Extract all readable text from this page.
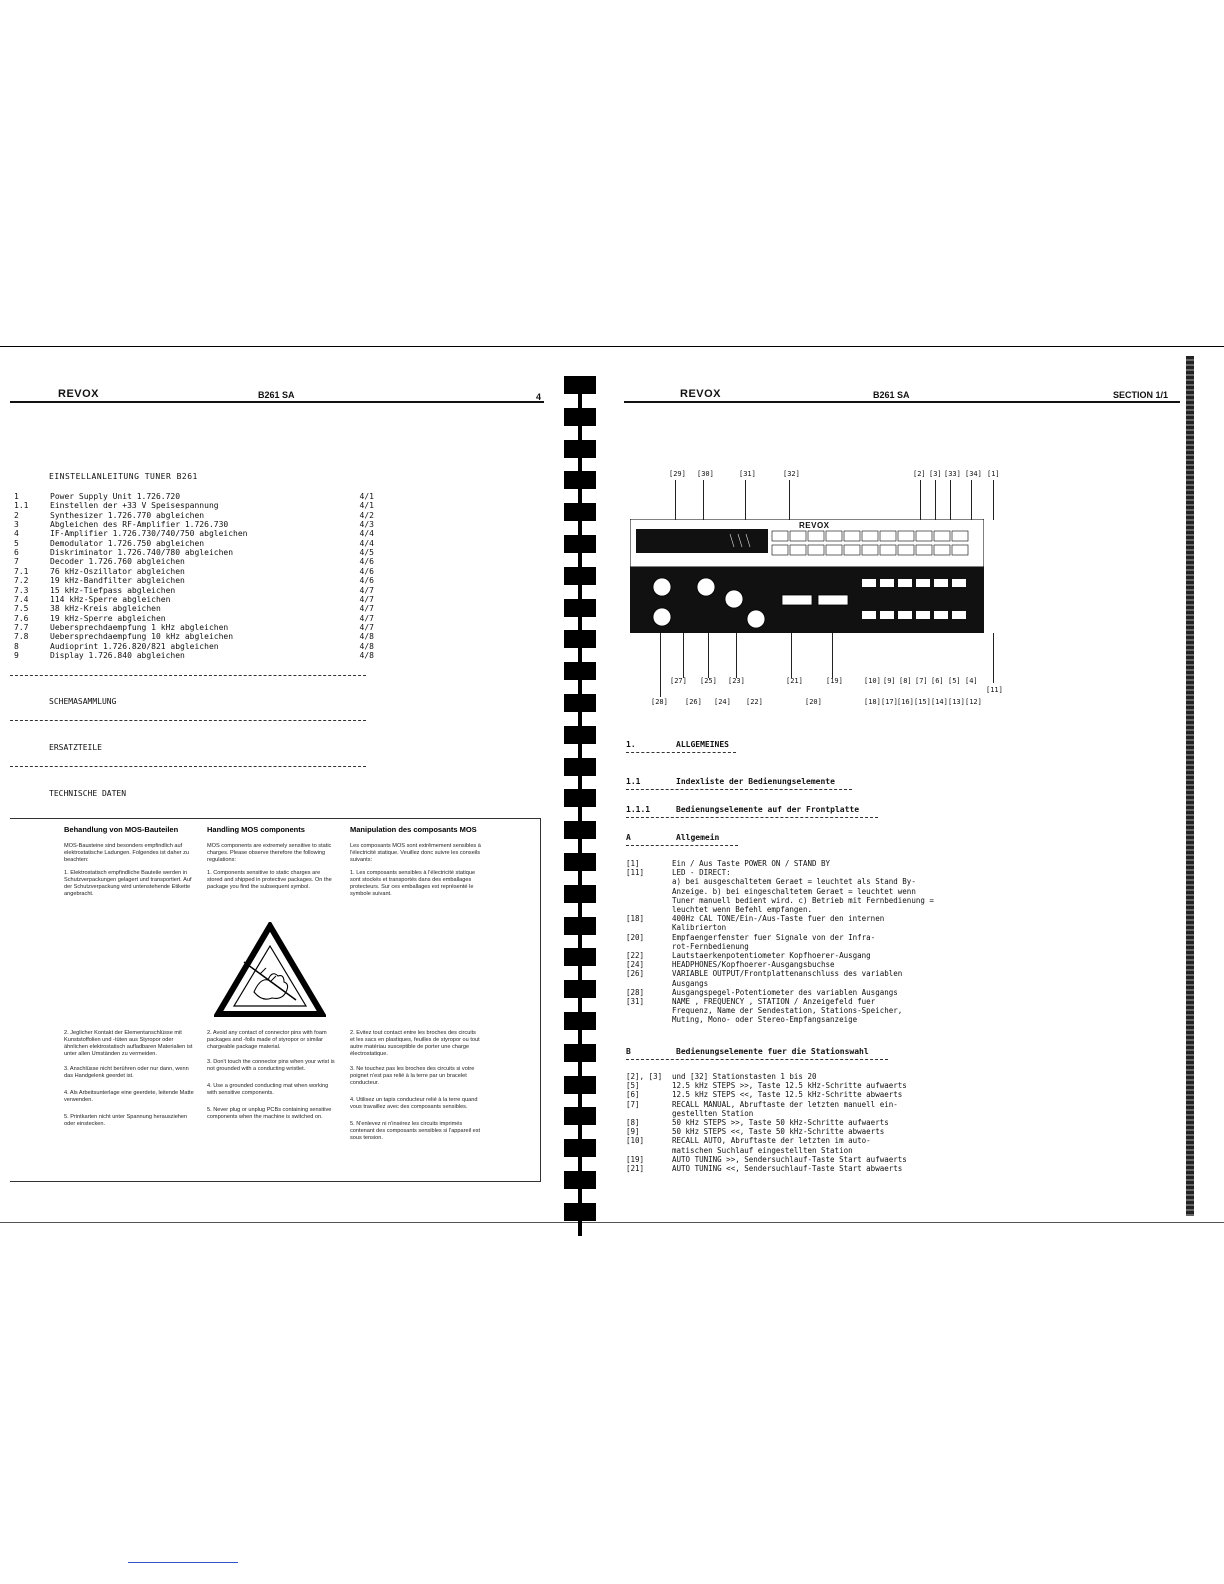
REVOX	B261 SA	4
EINSTELLANLEITUNG TUNER B261
1	Power Supply Unit 1.726.720	4/1
1.1	Einstellen der +33 V Speisespannung	4/1
2	Synthesizer 1.726.770 abgleichen	4/2
3	Abgleichen des RF-Amplifier 1.726.730	4/3
4	IF-Amplifier 1.726.730/740/750 abgleichen	4/4
5	Demodulator 1.726.750 abgleichen	4/4
6	Diskriminator 1.726.740/780 abgleichen	4/5
7	Decoder 1.726.760 abgleichen	4/6
7.1	76 kHz-Oszillator abgleichen	4/6
7.2	19 kHz-Bandfilter abgleichen	4/6
7.3	15 kHz-Tiefpass abgleichen	4/7
7.4	114 kHz-Sperre abgleichen	4/7
7.5	38 kHz-Kreis abgleichen	4/7
7.6	19 kHz-Sperre abgleichen	4/7
7.7	Uebersprechdaempfung 1 kHz abgleichen	4/7
7.8	Uebersprechdaempfung 10 kHz abgleichen	4/8
8	Audioprint 1.726.820/821 abgleichen	4/8
9	Display 1.726.840 abgleichen	4/8
SCHEMASAMMLUNG
ERSATZTEILE
TECHNISCHE DATEN
Behandlung von MOS-Bauteilen

MOS-Bausteine sind besonders empfindlich auf elektrostatische Ladungen. Folgendes ist daher zu beachten:

1. Elektrostatisch empfindliche Bauteile werden in Schutzverpackungen gelagert und transportiert. Auf der Schutzverpackung wird untenstehende Etikette angebracht.

Handling MOS components

MOS components are extremely sensitive to static charges. Please observe therefore the following regulations:

1. Components sensitive to static charges are stored and shipped in protective packages. On the package you find the subsequent symbol.

Manipulation des composants MOS

Les composants MOS sont extrêmement sensibles à l'électricité statique. Veuillez donc suivre les conseils suivants:

1. Les composants sensibles à l'électricité statique sont stockés et transportés dans des emballages protecteurs. Sur ces emballages est représenté le symbole suivant.

2. Jeglicher Kontakt der Elementanschlüsse mit Kunststoffolien und -tüten aus Styropor oder ähnlichen elektrostatisch aufladbaren Materialien ist unter allen Umständen zu vermeiden.

3. Anschlüsse nicht berühren oder nur dann, wenn das Handgelenk geerdet ist.

4. Als Arbeitsunterlage eine geerdete, leitende Matte verwenden.

5. Printkarten nicht unter Spannung herausziehen oder einstecken.

2. Avoid any contact of connector pins with foam packages and -foils made of styropor or similar chargeable package material.

3. Don't touch the connector pins when your wrist is not grounded with a conducting wristlet.

4. Use a grounded conducting mat when working with sensitive components.

5. Never plug or unplug PCBs containing sensitive components when the machine is switched on.

2. Evitez tout contact entre les broches des circuits et les sacs en plastiques, feuilles de styropor ou tout autre matériau susceptible de porter une charge électrostatique.

3. Ne touchez pas les broches des circuits si votre poignet n'est pas relié à la terre par un bracelet conducteur.

4. Utilisez un tapis conducteur relié à la terre quand vous travaillez avec des composants sensibles.

5. N'enlevez ni n'insérez les circuits imprimés contenant des composants sensibles si l'appareil est sous tension.

REVOX	B261 SA	SECTION 1/1
[29] [30]	[31]	[32]	[2] [3] [33] [34] [1]
REVOX
[27] [25] [23]	[21]	[19]	[10] [9] [8] [7] [6] [5] [4]
[11]
[28] [26] [24] [22]	[20]	[18] [17] [16] [15] [14] [13] [12]
1.	ALLGEMEINES
1.1	Indexliste der Bedienungselemente
1.1.1	Bedienungselemente auf der Frontplatte
A	Allgemein
[1]	Ein / Aus Taste POWER ON / STAND BY
[11]	LED - DIRECT:
a) bei ausgeschaltetem Geraet = leuchtet als Stand By-
Anzeige. b) bei eingeschaltetem Geraet = leuchtet wenn
Tuner manuell bedient wird. c) Betrieb mit Fernbedienung =
leuchtet wenn Befehl empfangen.
[18]	400Hz CAL TONE/Ein-/Aus-Taste fuer den internen
Kalibrierton
[20]	Empfaengerfenster fuer Signale von der Infra-
rot-Fernbedienung
[22]	Lautstaerkenpotentiometer Kopfhoerer-Ausgang
[24]	HEADPHONES/Kopfhoerer-Ausgangsbuchse
[26]	VARIABLE OUTPUT/Frontplattenanschluss des variablen
Ausgangs
[28]	Ausgangspegel-Potentiometer des variablen Ausgangs
[31]	NAME , FREQUENCY , STATION / Anzeigefeld fuer
Frequenz, Name der Sendestation, Stations-Speicher,
Muting, Mono- oder Stereo-Empfangsanzeige
B	Bedienungselemente fuer die Stationswahl
[2], [3] und [32] Stationstasten 1 bis 20
[5]	12.5 kHz STEPS >>, Taste 12.5 kHz-Schritte aufwaerts
[6]	12.5 kHz STEPS <<, Taste 12.5 kHz-Schritte abwaerts
[7]	RECALL MANUAL, Abruftaste der letzten manuell ein-
gestellten Station
[8]	50 kHz STEPS >>, Taste 50 kHz-Schritte aufwaerts
[9]	50 kHz STEPS <<, Taste 50 kHz-Schritte abwaerts
[10]	RECALL AUTO, Abruftaste der letzten im auto-
matischen Suchlauf eingestellten Station
[19]	AUTO TUNING >>, Sendersuchlauf-Taste Start aufwaerts
[21]	AUTO TUNING <<, Sendersuchlauf-Taste Start abwaerts
